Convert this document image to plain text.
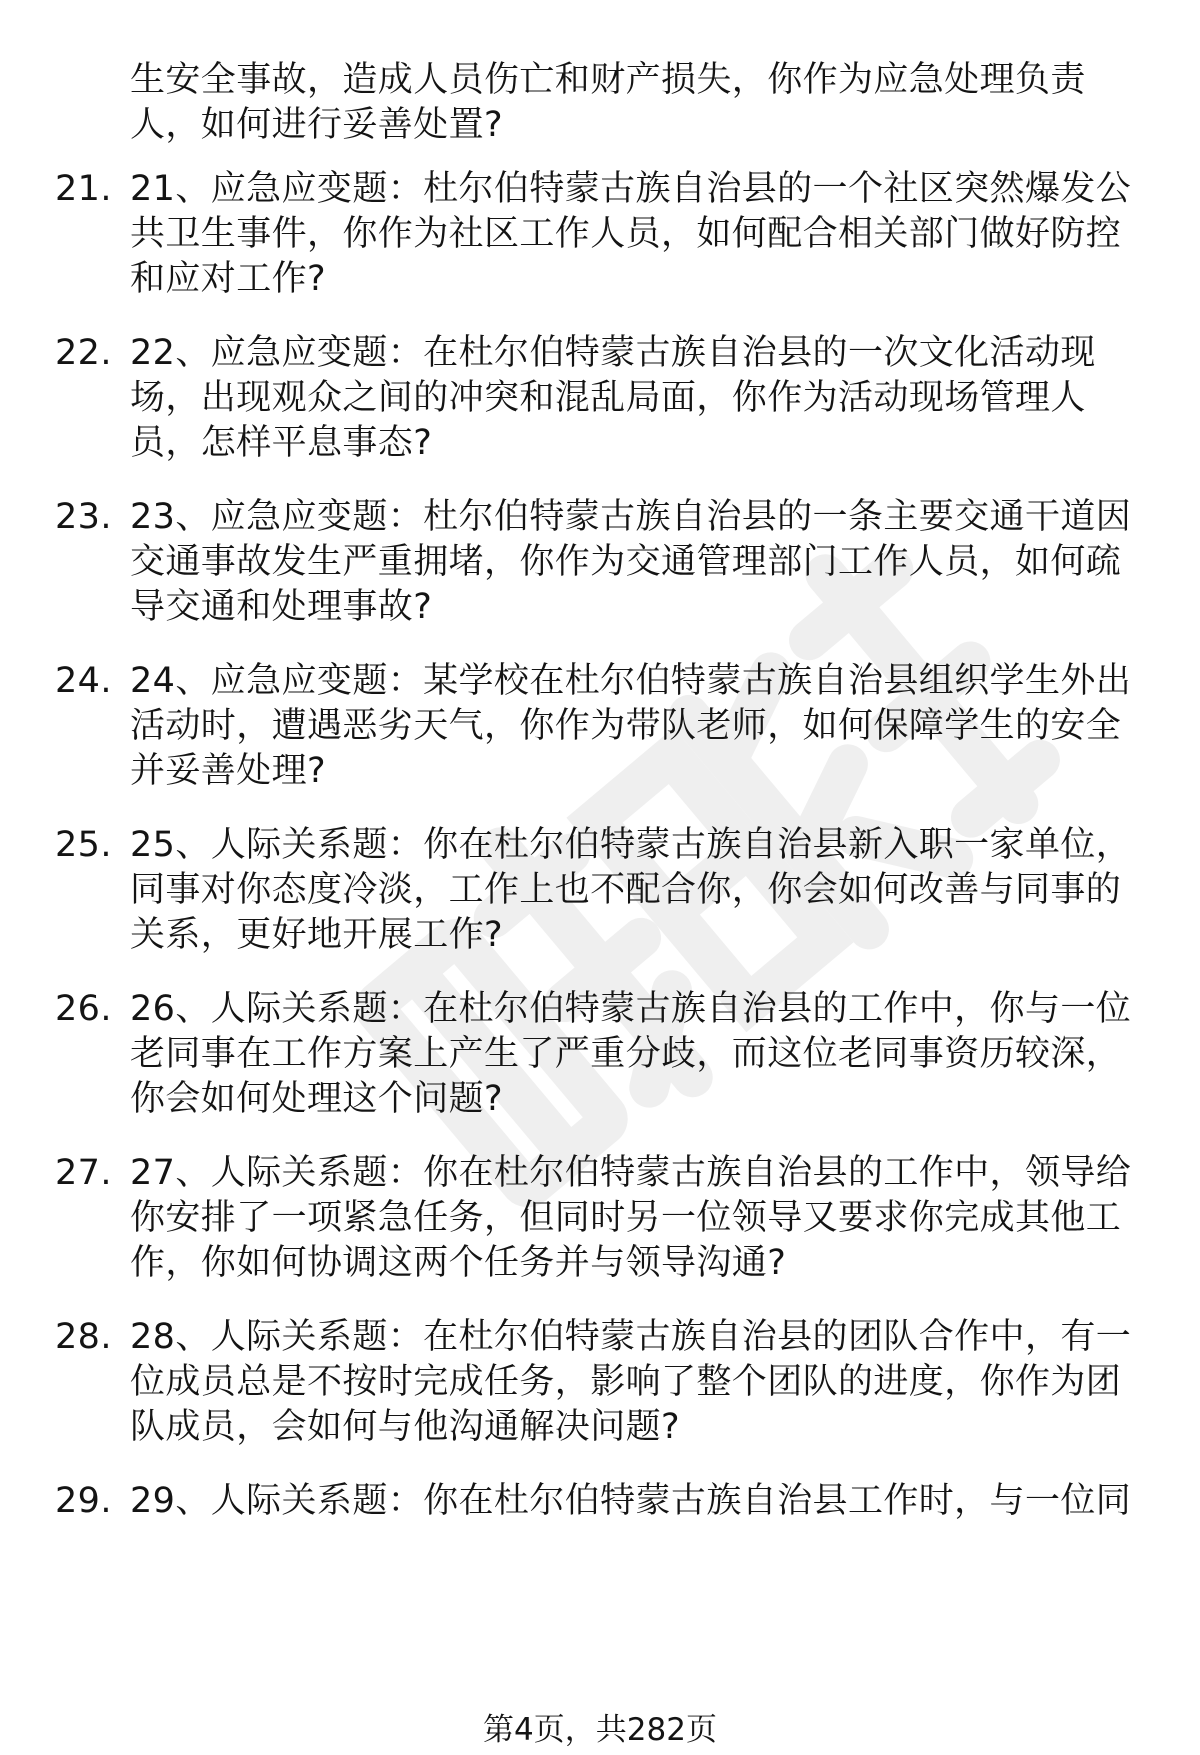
生安全事故，造成人员伤亡和财产损失，你作为应急处理负责人，如何进行妥善处置?
21. 21、应急应变题：杜尔伯特蒙古族自治县的一个社区突然爆发公共卫生事件，你作为社区工作人员，如何配合相关部门做好防控和应对工作?
22. 22、应急应变题：在杜尔伯特蒙古族自治县的一次文化活动现场，出现观众之间的冲突和混乱局面，你作为活动现场管理人员，怎样平息事态?
23. 23、应急应变题：杜尔伯特蒙古族自治县的一条主要交通干道因交通事故发生严重拥堵，你作为交通管理部门工作人员，如何疏导交通和处理事故?
24. 24、应急应变题：某学校在杜尔伯特蒙古族自治县组织学生外出活动时，遭遇恶劣天气，你作为带队老师，如何保障学生的安全并妥善处理?
25. 25、人际关系题：你在杜尔伯特蒙古族自治县新入职一家单位，同事对你态度冷淡，工作上也不配合你，你会如何改善与同事的关系，更好地开展工作?
26. 26、人际关系题：在杜尔伯特蒙古族自治县的工作中，你与一位老同事在工作方案上产生了严重分歧，而这位老同事资历较深，你会如何处理这个问题?
27. 27、人际关系题：你在杜尔伯特蒙古族自治县的工作中，领导给你安排了一项紧急任务，但同时另一位领导又要求你完成其他工作，你如何协调这两个任务并与领导沟通?
28. 28、人际关系题：在杜尔伯特蒙古族自治县的团队合作中，有一位成员总是不按时完成任务，影响了整个团队的进度，你作为团队成员，会如何与他沟通解决问题?
29. 29、人际关系题：你在杜尔伯特蒙古族自治县工作时，与一位同
第4页，共282页
